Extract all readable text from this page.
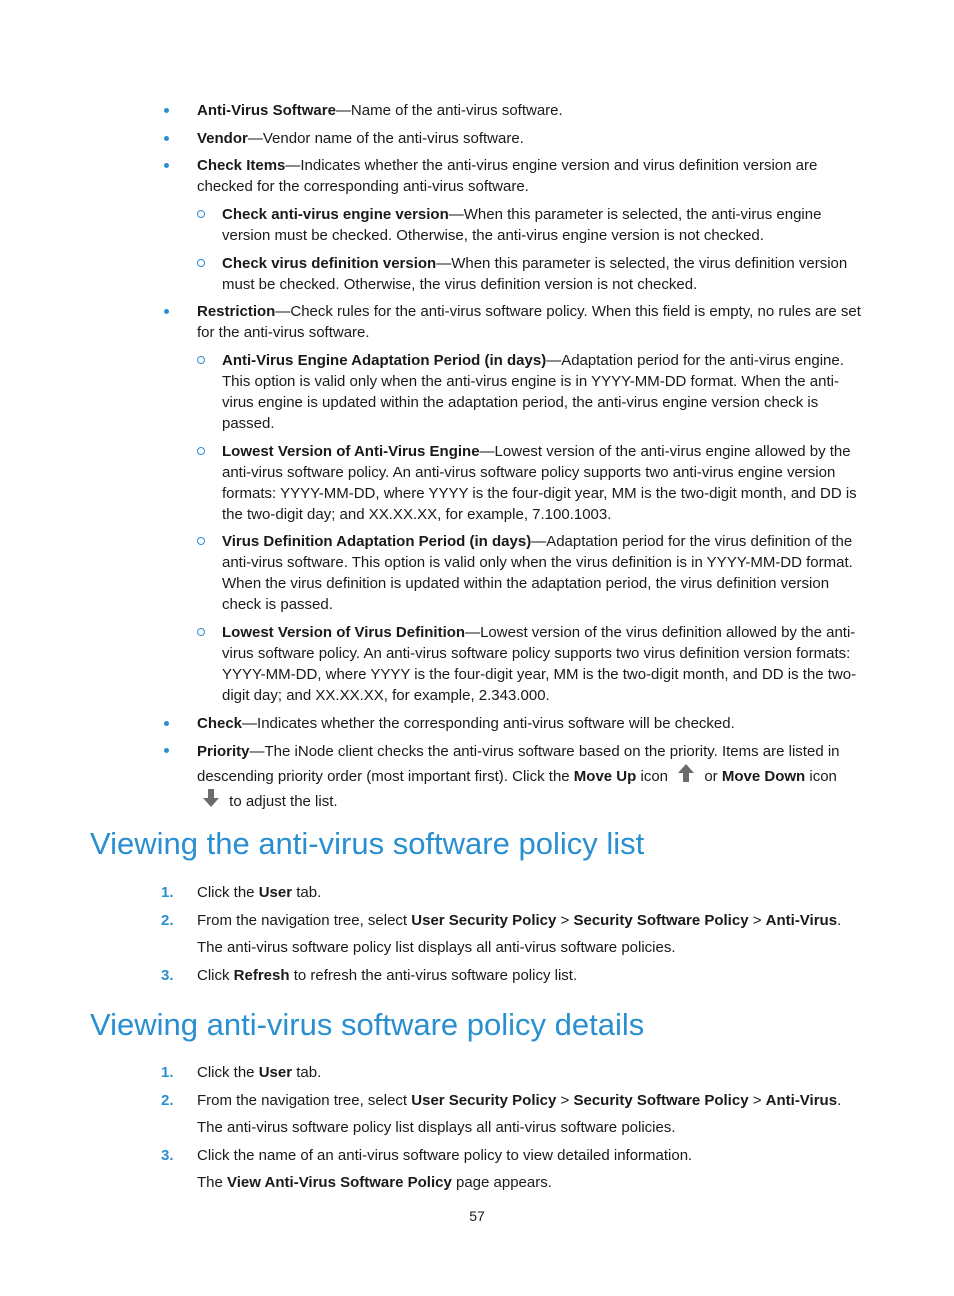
Anti-Virus Software—Name of the anti-virus software.
Vendor—Vendor name of the anti-virus software.
Check Items—Indicates whether the anti-virus engine version and virus definition version are checked for the corresponding anti-virus software.
Check anti-virus engine version—When this parameter is selected, the anti-virus engine version must be checked. Otherwise, the anti-virus engine version is not checked.
Check virus definition version—When this parameter is selected, the virus definition version must be checked. Otherwise, the virus definition version is not checked.
Restriction—Check rules for the anti-virus software policy. When this field is empty, no rules are set for the anti-virus software.
Anti-Virus Engine Adaptation Period (in days)—Adaptation period for the anti-virus engine. This option is valid only when the anti-virus engine is in YYYY-MM-DD format. When the anti-virus engine is updated within the adaptation period, the anti-virus engine version check is passed.
Lowest Version of Anti-Virus Engine—Lowest version of the anti-virus engine allowed by the anti-virus software policy. An anti-virus software policy supports two anti-virus engine version formats: YYYY-MM-DD, where YYYY is the four-digit year, MM is the two-digit month, and DD is the two-digit day; and XX.XX.XX, for example, 7.100.1003.
Virus Definition Adaptation Period (in days)—Adaptation period for the virus definition of the anti-virus software. This option is valid only when the virus definition is in YYYY-MM-DD format. When the virus definition is updated within the adaptation period, the virus definition version check is passed.
Lowest Version of Virus Definition—Lowest version of the virus definition allowed by the anti-virus software policy. An anti-virus software policy supports two virus definition version formats: YYYY-MM-DD, where YYYY is the four-digit year, MM is the two-digit month, and DD is the two-digit day; and XX.XX.XX, for example, 2.343.000.
Check—Indicates whether the corresponding anti-virus software will be checked.
Priority—The iNode client checks the anti-virus software based on the priority. Items are listed in descending priority order (most important first). Click the Move Up icon  or Move Down icon  to adjust the list.
Viewing the anti-virus software policy list
1. Click the User tab.
2. From the navigation tree, select User Security Policy > Security Software Policy > Anti-Virus.
The anti-virus software policy list displays all anti-virus software policies.
3. Click Refresh to refresh the anti-virus software policy list.
Viewing anti-virus software policy details
1. Click the User tab.
2. From the navigation tree, select User Security Policy > Security Software Policy > Anti-Virus.
The anti-virus software policy list displays all anti-virus software policies.
3. Click the name of an anti-virus software policy to view detailed information.
The View Anti-Virus Software Policy page appears.
57
